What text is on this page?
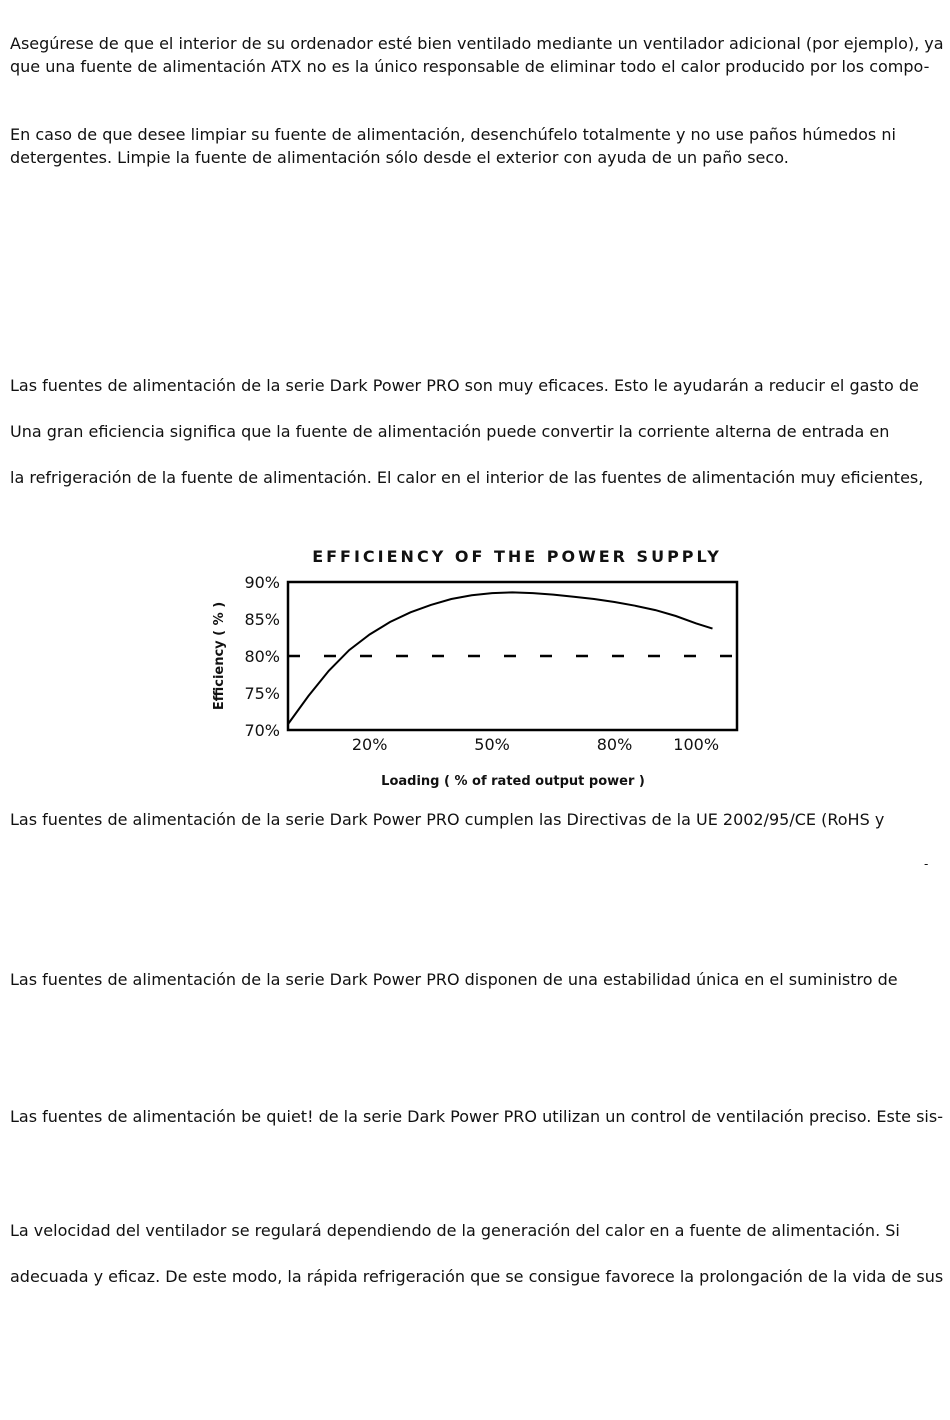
Asegúrese de que el interior de su ordenador esté bien ventilado mediante un ventilador adicional (por ejemplo), ya

que una fuente de alimentación ATX no es la único responsable de eliminar todo el calor producido por los compo-

En caso de que desee limpiar su fuente de alimentación, desenchúfelo totalmente y no use paños húmedos ni

detergentes. Limpie la fuente de alimentación sólo desde el exterior con ayuda de un paño seco.

Las fuentes de alimentación de la serie Dark Power PRO son muy eficaces. Esto le ayudarán a reducir el gasto de

Una gran eficiencia significa que la fuente de alimentación puede convertir la corriente alterna de entrada en

la refrigeración de la fuente de alimentación. El calor en el interior de las fuentes de alimentación muy eficientes,

EFFICIENCY OF THE POWER SUPPLY
70%
75%
80%
85%
90%
20%	50%	80%	100%
Efficiency ( % )
Loading ( % of rated output power )

Las fuentes de alimentación de la serie Dark Power PRO cumplen las Directivas de la UE 2002/95/CE (RoHS y

-

Las fuentes de alimentación de la serie Dark Power PRO disponen de una estabilidad única en el suministro de

Las fuentes de alimentación be quiet! de la serie Dark Power PRO utilizan un control de ventilación preciso. Este sis-

La velocidad del ventilador se regulará dependiendo de la generación del calor en a fuente de alimentación. Si

adecuada y eficaz. De este modo, la rápida refrigeración que se consigue favorece la prolongación de la vida de sus
